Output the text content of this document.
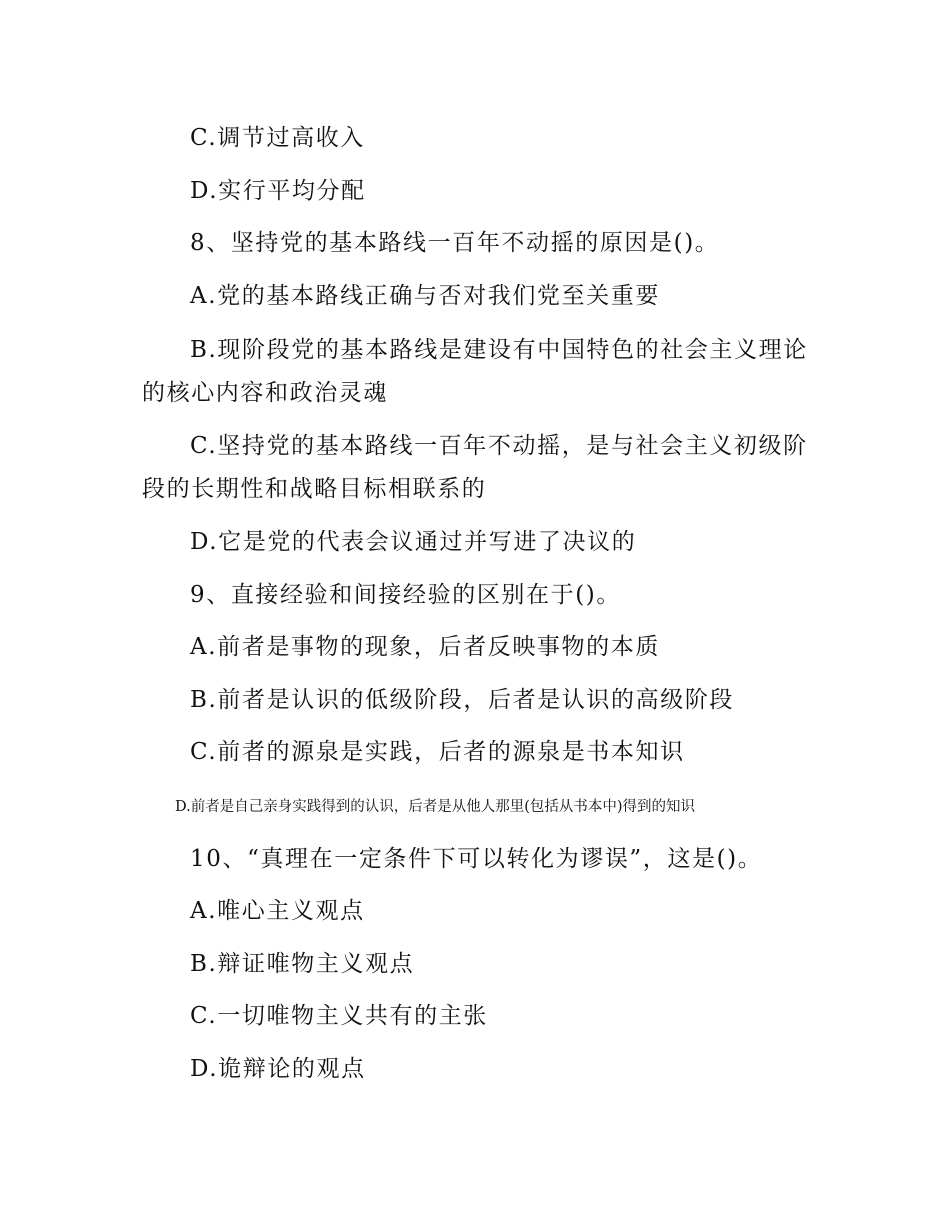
C.调节过高收入
D.实行平均分配
8、坚持党的基本路线一百年不动摇的原因是()。
A.党的基本路线正确与否对我们党至关重要
B.现阶段党的基本路线是建设有中国特色的社会主义理论
的核心内容和政治灵魂
C.坚持党的基本路线一百年不动摇，是与社会主义初级阶
段的长期性和战略目标相联系的
D.它是党的代表会议通过并写进了决议的
9、直接经验和间接经验的区别在于()。
A.前者是事物的现象，后者反映事物的本质
B.前者是认识的低级阶段，后者是认识的高级阶段
C.前者的源泉是实践，后者的源泉是书本知识
D.前者是自己亲身实践得到的认识，后者是从他人那里(包括从书本中)得到的知识
10、“真理在一定条件下可以转化为谬误”，这是()。
A.唯心主义观点
B.辩证唯物主义观点
C.一切唯物主义共有的主张
D.诡辩论的观点
